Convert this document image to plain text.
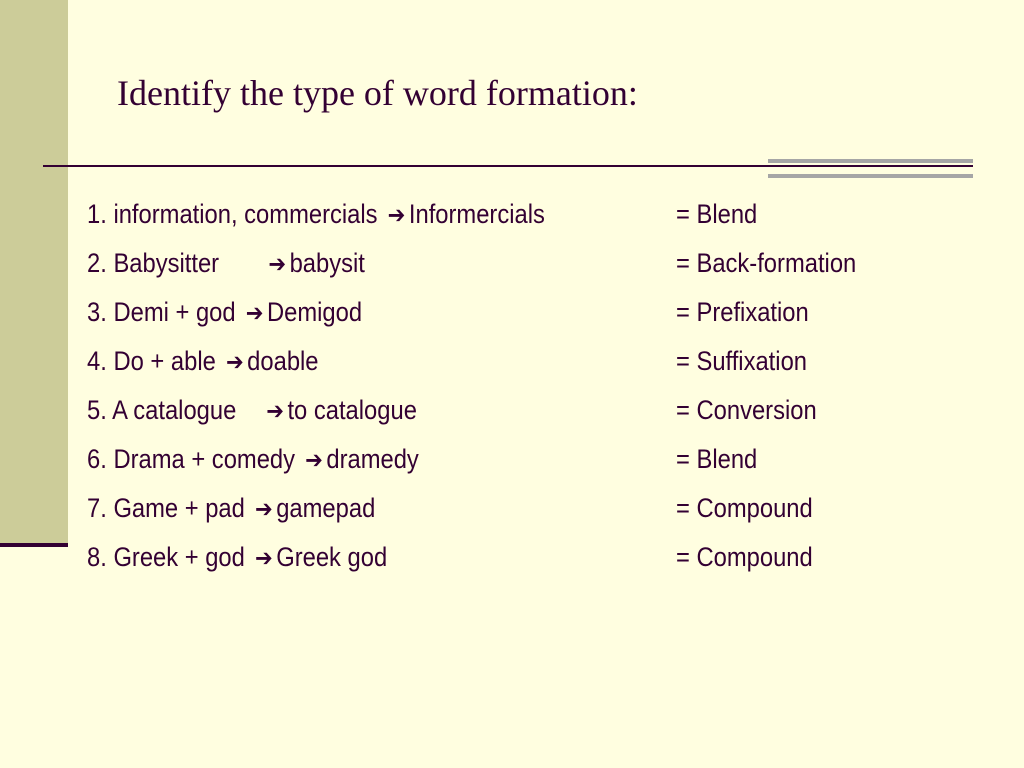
Identify the type of word formation:
1. information, commercials ➔ Informercials	= Blend
2. Babysitter ➔ babysit	= Back-formation
3. Demi + god ➔ Demigod	= Prefixation
4. Do + able ➔ doable	= Suffixation
5. A catalogue ➔ to catalogue	= Conversion
6. Drama + comedy ➔ dramedy	= Blend
7. Game + pad ➔ gamepad	= Compound
8. Greek + god ➔ Greek god	= Compound
